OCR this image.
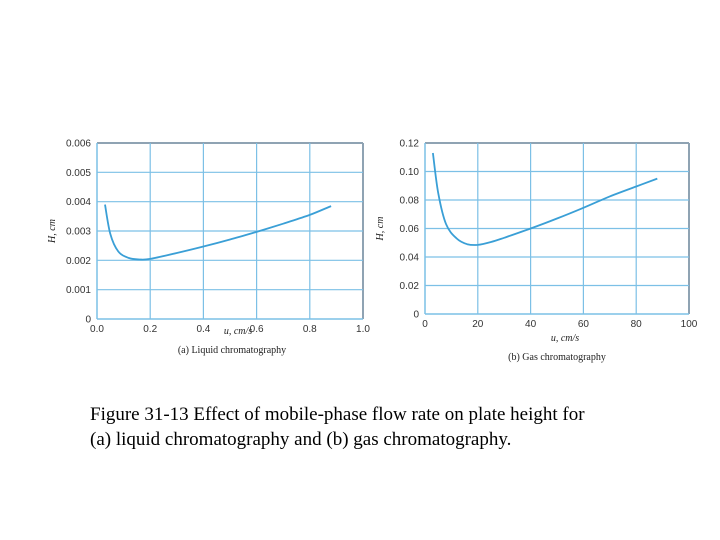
0.0	0.2	0.4	0.6	0.8	1.0
0
0.001
0.002
0.003
0.004
0.005
0.006
u, cm/s
(a) Liquid chromatography
H, cm
0	20	40	60	80	100
0
0.02
0.04
0.06
0.08
0.10
0.12
u, cm/s
(b) Gas chromatography
H, cm
Figure 31-13 Effect of mobile-phase flow rate on plate height for
(a) liquid chromatography and (b) gas chromatography.
